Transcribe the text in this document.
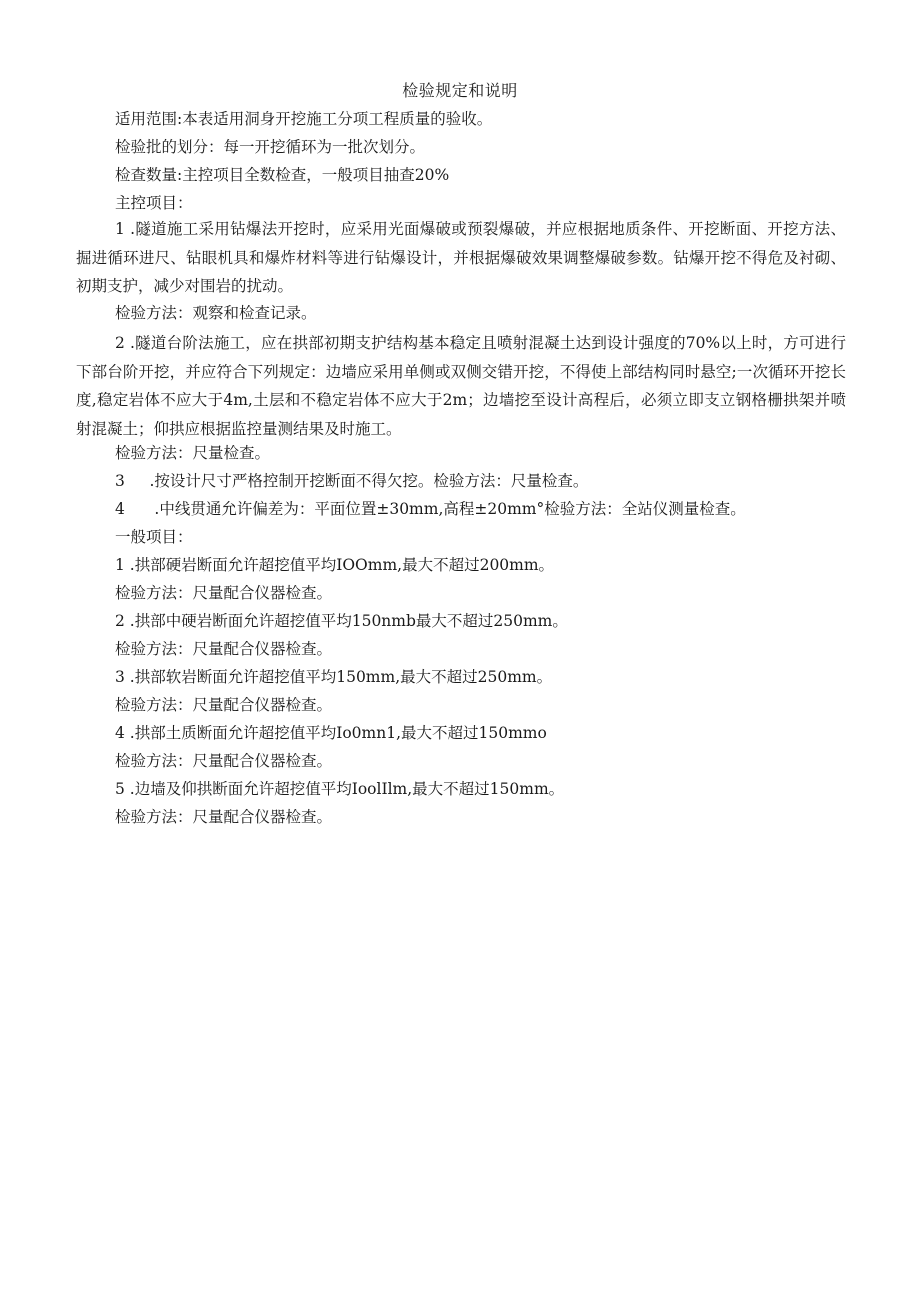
检验规定和说明
适用范围:本表适用洞身开挖施工分项工程质量的验收。
检验批的划分：每一开挖循环为一批次划分。
检查数量:主控项目全数检查，一般项目抽查20%
主控项目：
1 .隧道施工采用钻爆法开挖时，应采用光面爆破或预裂爆破，并应根据地质条件、开挖断面、开挖方法、掘进循环进尺、钻眼机具和爆炸材料等进行钻爆设计，并根据爆破效果调整爆破参数。钻爆开挖不得危及衬砌、初期支护，减少对围岩的扰动。
检验方法：观察和检查记录。
2 .隧道台阶法施工，应在拱部初期支护结构基本稳定且喷射混凝土达到设计强度的70%以上时，方可进行下部台阶开挖，并应符合下列规定：边墙应采用单侧或双侧交错开挖，不得使上部结构同时悬空;一次循环开挖长度,稳定岩体不应大于4m,土层和不稳定岩体不应大于2m；边墙挖至设计高程后，必须立即支立钢格栅拱架并喷射混凝土；仰拱应根据监控量测结果及时施工。
检验方法：尺量检查。
3     .按设计尺寸严格控制开挖断面不得欠挖。检验方法：尺量检查。
4      .中线贯通允许偏差为：平面位置±30mm,高程±20mm°检验方法：全站仪测量检查。
一般项目：
1 .拱部硬岩断面允许超挖值平均IOOmm,最大不超过200mm。
检验方法：尺量配合仪器检查。
2 .拱部中硬岩断面允许超挖值平均150nmb最大不超过250mm。
检验方法：尺量配合仪器检查。
3 .拱部软岩断面允许超挖值平均150mm,最大不超过250mm。
检验方法：尺量配合仪器检查。
4 .拱部土质断面允许超挖值平均Io0mn1,最大不超过150mmo
检验方法：尺量配合仪器检查。
5 .边墙及仰拱断面允许超挖值平均IoolIlm,最大不超过150mm。
检验方法：尺量配合仪器检查。
